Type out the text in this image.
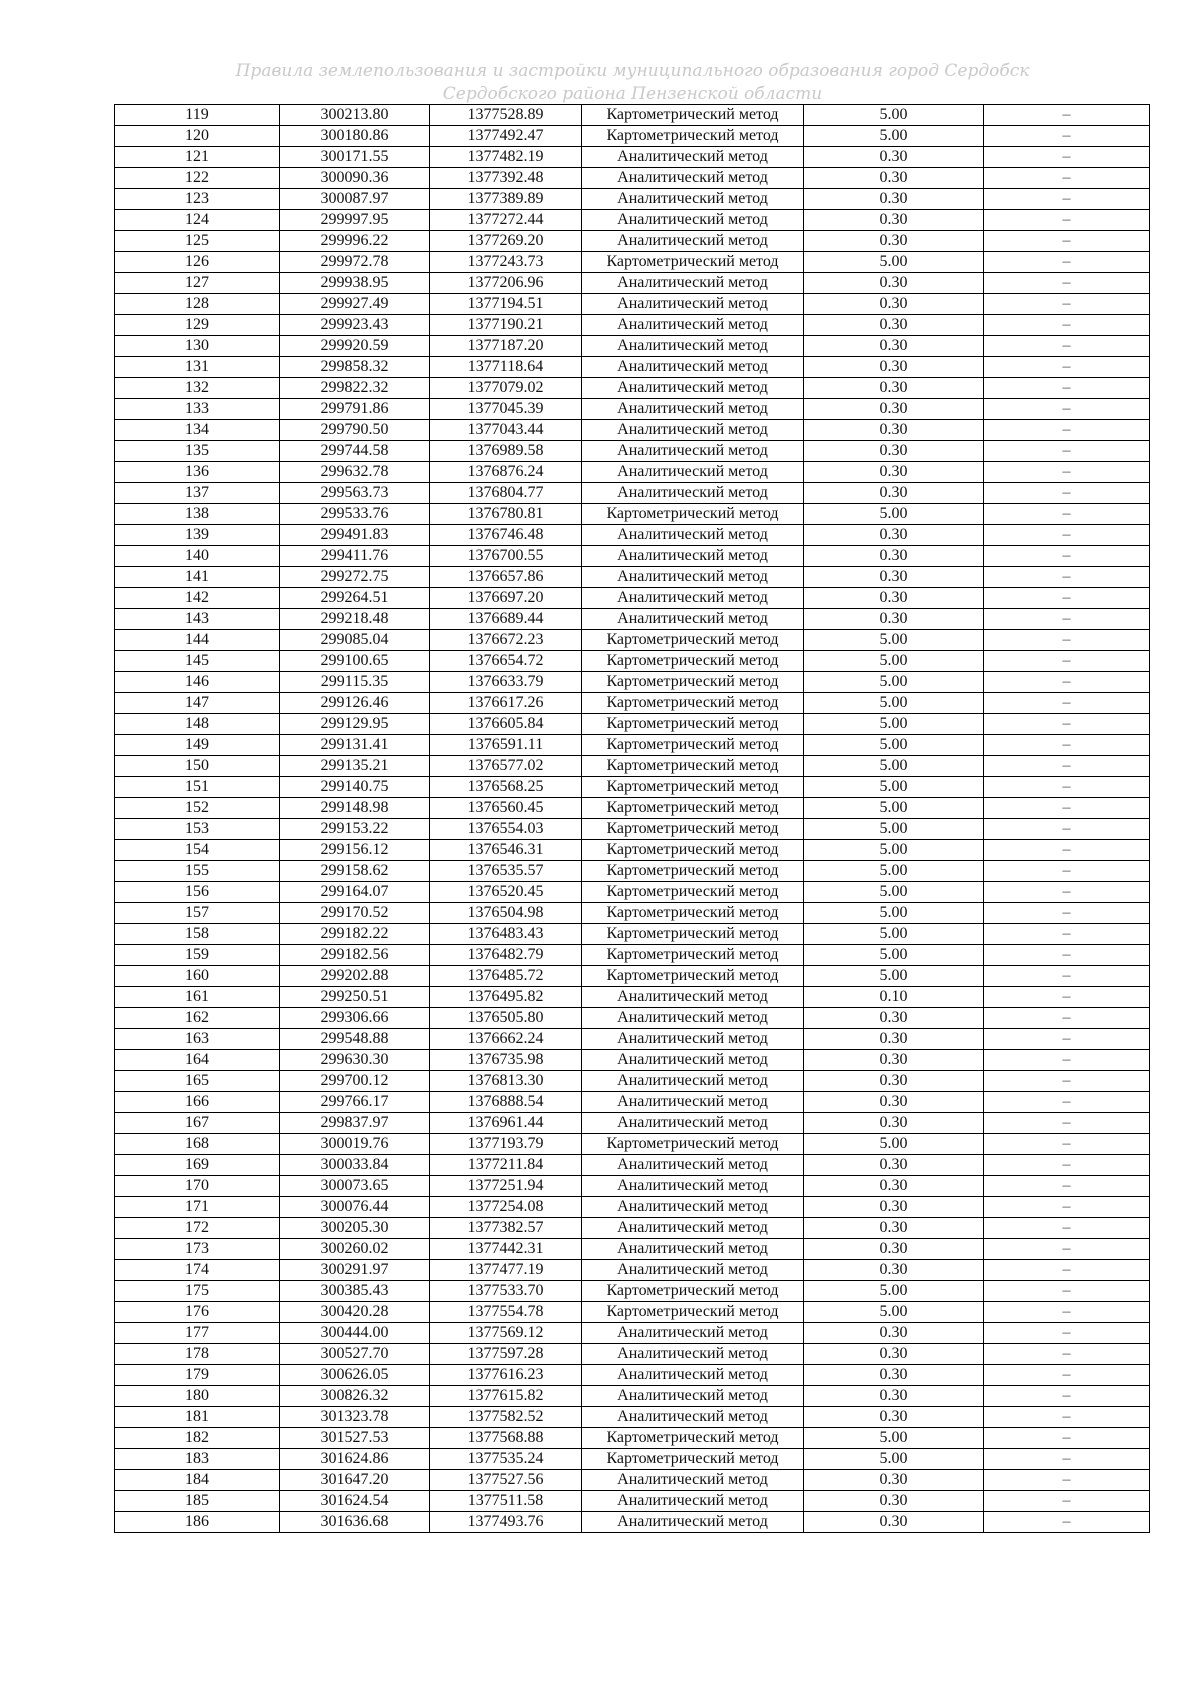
Правила землепользования и застройки муниципального образования город Сердобск
Сердобского района Пензенской области
119	300213.80	1377528.89	Картометрический метод	5.00	–
120	300180.86	1377492.47	Картометрический метод	5.00	–
121	300171.55	1377482.19	Аналитический метод	0.30	–
122	300090.36	1377392.48	Аналитический метод	0.30	–
123	300087.97	1377389.89	Аналитический метод	0.30	–
124	299997.95	1377272.44	Аналитический метод	0.30	–
125	299996.22	1377269.20	Аналитический метод	0.30	–
126	299972.78	1377243.73	Картометрический метод	5.00	–
127	299938.95	1377206.96	Аналитический метод	0.30	–
128	299927.49	1377194.51	Аналитический метод	0.30	–
129	299923.43	1377190.21	Аналитический метод	0.30	–
130	299920.59	1377187.20	Аналитический метод	0.30	–
131	299858.32	1377118.64	Аналитический метод	0.30	–
132	299822.32	1377079.02	Аналитический метод	0.30	–
133	299791.86	1377045.39	Аналитический метод	0.30	–
134	299790.50	1377043.44	Аналитический метод	0.30	–
135	299744.58	1376989.58	Аналитический метод	0.30	–
136	299632.78	1376876.24	Аналитический метод	0.30	–
137	299563.73	1376804.77	Аналитический метод	0.30	–
138	299533.76	1376780.81	Картометрический метод	5.00	–
139	299491.83	1376746.48	Аналитический метод	0.30	–
140	299411.76	1376700.55	Аналитический метод	0.30	–
141	299272.75	1376657.86	Аналитический метод	0.30	–
142	299264.51	1376697.20	Аналитический метод	0.30	–
143	299218.48	1376689.44	Аналитический метод	0.30	–
144	299085.04	1376672.23	Картометрический метод	5.00	–
145	299100.65	1376654.72	Картометрический метод	5.00	–
146	299115.35	1376633.79	Картометрический метод	5.00	–
147	299126.46	1376617.26	Картометрический метод	5.00	–
148	299129.95	1376605.84	Картометрический метод	5.00	–
149	299131.41	1376591.11	Картометрический метод	5.00	–
150	299135.21	1376577.02	Картометрический метод	5.00	–
151	299140.75	1376568.25	Картометрический метод	5.00	–
152	299148.98	1376560.45	Картометрический метод	5.00	–
153	299153.22	1376554.03	Картометрический метод	5.00	–
154	299156.12	1376546.31	Картометрический метод	5.00	–
155	299158.62	1376535.57	Картометрический метод	5.00	–
156	299164.07	1376520.45	Картометрический метод	5.00	–
157	299170.52	1376504.98	Картометрический метод	5.00	–
158	299182.22	1376483.43	Картометрический метод	5.00	–
159	299182.56	1376482.79	Картометрический метод	5.00	–
160	299202.88	1376485.72	Картометрический метод	5.00	–
161	299250.51	1376495.82	Аналитический метод	0.10	–
162	299306.66	1376505.80	Аналитический метод	0.30	–
163	299548.88	1376662.24	Аналитический метод	0.30	–
164	299630.30	1376735.98	Аналитический метод	0.30	–
165	299700.12	1376813.30	Аналитический метод	0.30	–
166	299766.17	1376888.54	Аналитический метод	0.30	–
167	299837.97	1376961.44	Аналитический метод	0.30	–
168	300019.76	1377193.79	Картометрический метод	5.00	–
169	300033.84	1377211.84	Аналитический метод	0.30	–
170	300073.65	1377251.94	Аналитический метод	0.30	–
171	300076.44	1377254.08	Аналитический метод	0.30	–
172	300205.30	1377382.57	Аналитический метод	0.30	–
173	300260.02	1377442.31	Аналитический метод	0.30	–
174	300291.97	1377477.19	Аналитический метод	0.30	–
175	300385.43	1377533.70	Картометрический метод	5.00	–
176	300420.28	1377554.78	Картометрический метод	5.00	–
177	300444.00	1377569.12	Аналитический метод	0.30	–
178	300527.70	1377597.28	Аналитический метод	0.30	–
179	300626.05	1377616.23	Аналитический метод	0.30	–
180	300826.32	1377615.82	Аналитический метод	0.30	–
181	301323.78	1377582.52	Аналитический метод	0.30	–
182	301527.53	1377568.88	Картометрический метод	5.00	–
183	301624.86	1377535.24	Картометрический метод	5.00	–
184	301647.20	1377527.56	Аналитический метод	0.30	–
185	301624.54	1377511.58	Аналитический метод	0.30	–
186	301636.68	1377493.76	Аналитический метод	0.30	–
